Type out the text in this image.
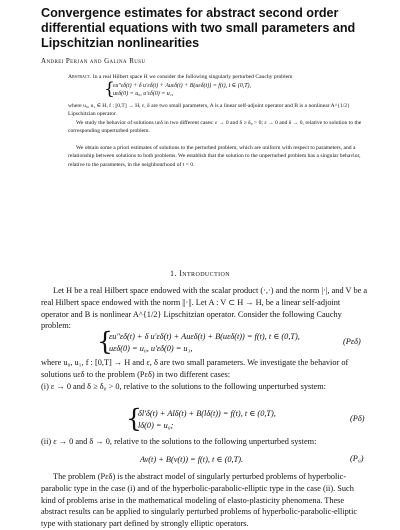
Convergence estimates for abstract second order differential equations with two small parameters and Lipschitzian nonlinearities

Andrei Perjan and Galina Rusu

Abstract. In a real Hilbert space H we consider the following singularly perturbed Cauchy problem

{

εu″εδ(t) + δ u′εδ(t) + Auεδ(t) + B(uεδ(t)) = f(t), t ∈ (0,T),

uεδ(0) = u₀, u′εδ(0) = u₁,

where u₀, u₁ ∈ H, f : [0,T] → H, ε, δ are two small parameters, A is a linear self-adjoint operator and B is a nonlinear A^{1/2} Lipschitzian operator.

We study the behavior of solutions uεδ in two different cases: ε → 0 and δ ≥ δ₀ > 0; ε → 0 and δ → 0, relative to solution to the corresponding unperturbed problem.

We obtain some a priori estimates of solutions to the perturbed problem, which are uniform with respect to parameters, and a relationship between solutions to both problems. We establish that the solution to the unperturbed problem has a singular behavior, relative to the parameters, in the neighbourhood of t = 0.

1. Introduction

Let H be a real Hilbert space endowed with the scalar product (·,·) and the norm |·|, and V be a real Hilbert space endowed with the norm ||·||. Let A : V ⊂ H → H, be a linear self-adjoint operator and B is nonlinear A^{1/2} Lipschitzian operator. Consider the following Cauchy problem:

{

εu″εδ(t) + δ u′εδ(t) + Auεδ(t) + B(uεδ(t)) = f(t), t ∈ (0,T),

uεδ(0) = u₀, u′εδ(0) = u₁,

(Pεδ)

where u₀, u₁, f : [0,T] → H and ε, δ are two small parameters. We investigate the behavior of solutions uεδ to the problem (Pεδ) in two different cases:

(i) ε → 0 and δ ≥ δ₀ > 0, relative to the solutions to the following unperturbed system:

{

δl′δ(t) + Alδ(t) + B(lδ(t)) = f(t), t ∈ (0,T),

lδ(0) = u₀;

(Pδ)

(ii) ε → 0 and δ → 0, relative to the solutions to the following unperturbed system:

Av(t) + B(v(t)) = f(t), t ∈ (0,T).	(P₀)

The problem (Pεδ) is the abstract model of singularly perturbed problems of hyperbolic-parabolic type in the case (i) and of the hyperbolic-parabolic-elliptic type in the case (ii). Such kind of problems arise in the mathematical modeling of elasto-plasticity phenomena. These abstract results can be applied to singularly perturbed problems of hyperbolic-parabolic-elliptic type with stationary part defined by strongly elliptic operators.
